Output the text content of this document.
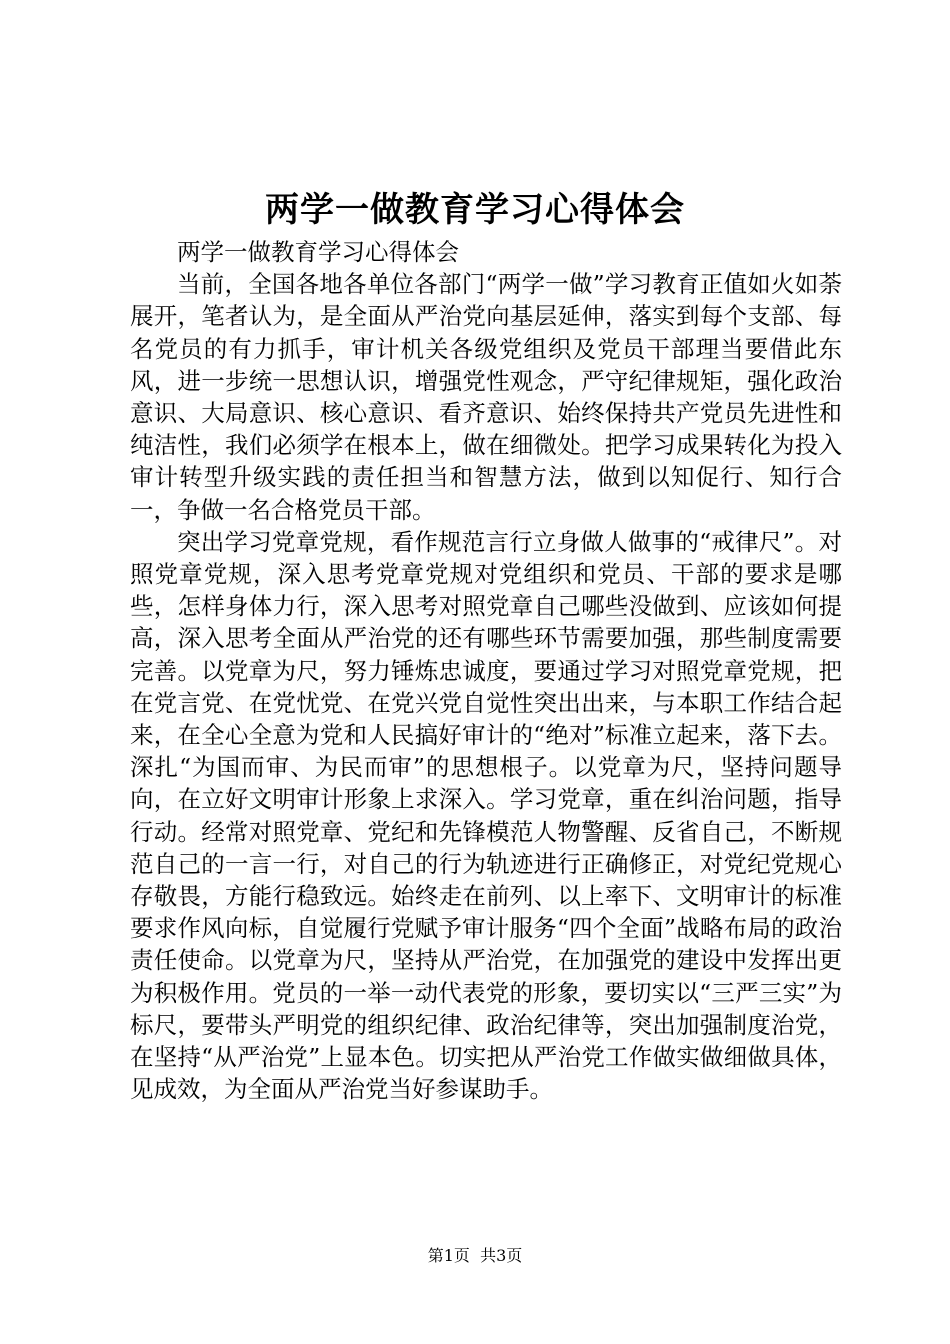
两学一做教育学习心得体会

两学一做教育学习心得体会

当前，全国各地各单位各部门“两学一做”学习教育正值如火如荼展开，笔者认为，是全面从严治党向基层延伸，落实到每个支部、每名党员的有力抓手，审计机关各级党组织及党员干部理当要借此东风，进一步统一思想认识，增强党性观念，严守纪律规矩，强化政治意识、大局意识、核心意识、看齐意识、始终保持共产党员先进性和纯洁性，我们必须学在根本上，做在细微处。把学习成果转化为投入审计转型升级实践的责任担当和智慧方法，做到以知促行、知行合一，争做一名合格党员干部。

突出学习党章党规，看作规范言行立身做人做事的“戒律尺”。对照党章党规，深入思考党章党规对党组织和党员、干部的要求是哪些，怎样身体力行，深入思考对照党章自己哪些没做到、应该如何提高，深入思考全面从严治党的还有哪些环节需要加强，那些制度需要完善。以党章为尺，努力锤炼忠诚度，要通过学习对照党章党规，把在党言党、在党忧党、在党兴党自觉性突出出来，与本职工作结合起来，在全心全意为党和人民搞好审计的“绝对”标准立起来，落下去。深扎“为国而审、为民而审”的思想根子。以党章为尺，坚持问题导向，在立好文明审计形象上求深入。学习党章，重在纠治问题，指导行动。经常对照党章、党纪和先锋模范人物警醒、反省自己，不断规范自己的一言一行，对自己的行为轨迹进行正确修正，对党纪党规心存敬畏，方能行稳致远。始终走在前列、以上率下、文明审计的标准要求作风向标，自觉履行党赋予审计服务“四个全面”战略布局的政治责任使命。以党章为尺，坚持从严治党，在加强党的建设中发挥出更为积极作用。党员的一举一动代表党的形象，要切实以“三严三实”为标尺，要带头严明党的组织纪律、政治纪律等，突出加强制度治党，在坚持“从严治党”上显本色。切实把从严治党工作做实做细做具体，见成效，为全面从严治党当好参谋助手。

第1页 共3页
